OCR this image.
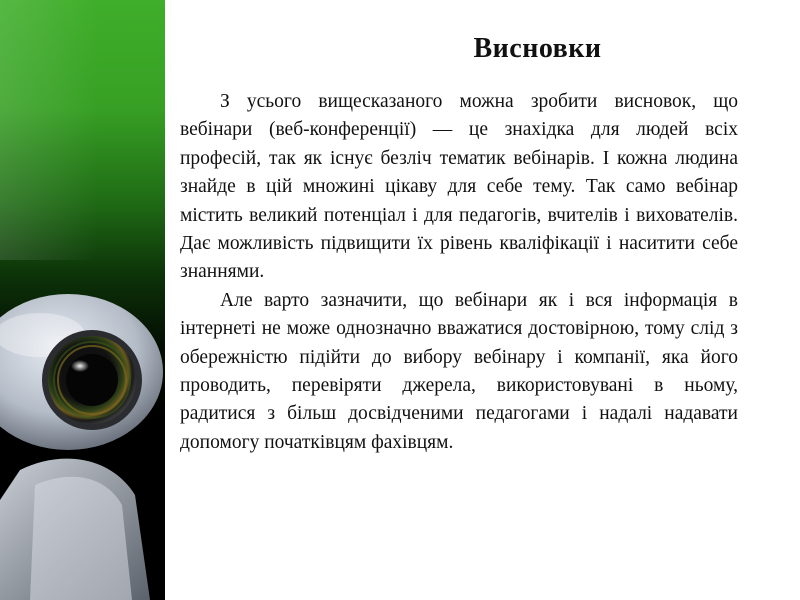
Висновки

З усього вищесказаного можна зробити висновок, що вебінари (веб-конференції) — це знахідка для людей всіх професій, так як існує безліч тематик вебінарів. І кожна людина знайде в цій множині цікаву для себе тему. Так само вебінар містить великий потенціал і для педагогів, вчителів і вихователів. Дає можливість підвищити їх рівень кваліфікації і наситити себе знаннями.

Але варто зазначити, що вебінари як і вся інформація в інтернеті не може однозначно вважатися достовірною, тому слід з обережністю підійти до вибору вебінару і компанії, яка його проводить, перевіряти джерела, використовувані в ньому, радитися з більш досвідченими педагогами і надалі надавати допомогу початківцям фахівцям.
